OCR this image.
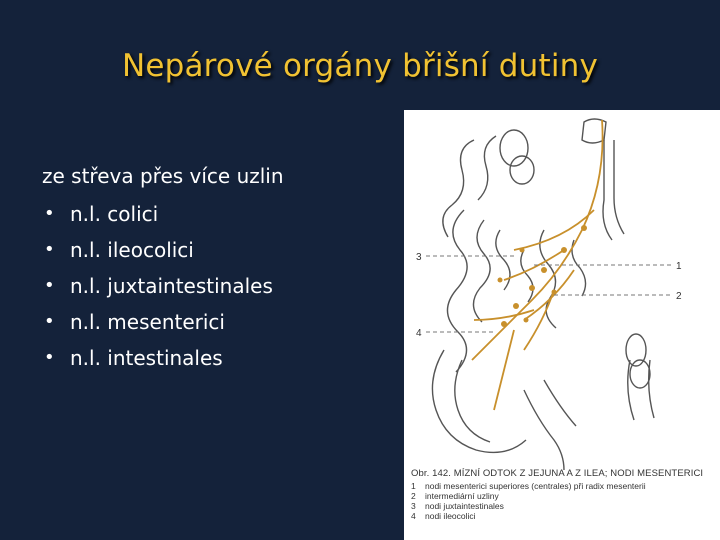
Nepárové orgány břišní dutiny
ze střeva přes více uzlin
• n.l. colici
• n.l. ileocolici
• n.l. juxtaintestinales
• n.l. mesenterici
• n.l. intestinales
3
1
2
4
Obr. 142. MÍZNÍ ODTOK Z JEJUNA A Z ILEA; NODI MESENTERICI
1 nodi mesenterici superiores (centrales) při radix mesenterii
2 intermediární uzliny
3 nodi juxtaintestinales
4 nodi ileocolici
